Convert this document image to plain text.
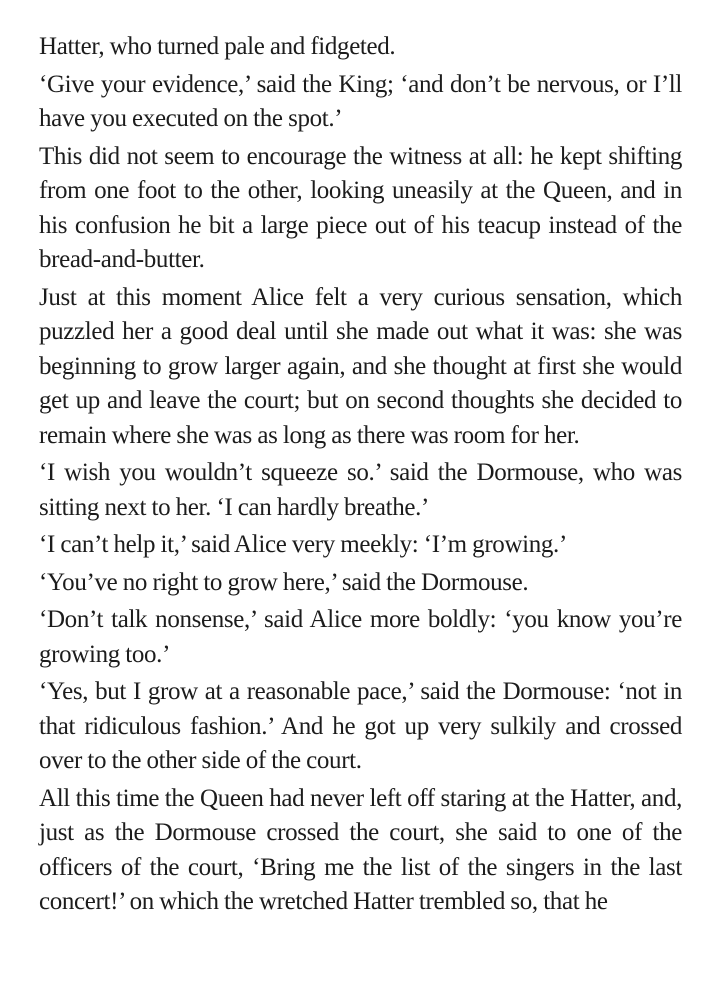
Hatter, who turned pale and fidgeted.

‘Give your evidence,’ said the King; ‘and don’t be nervous, or I’ll have you executed on the spot.’

This did not seem to encourage the witness at all: he kept shifting from one foot to the other, looking uneasily at the Queen, and in his confusion he bit a large piece out of his teacup instead of the bread-and-butter.

Just at this moment Alice felt a very curious sensation, which puzzled her a good deal until she made out what it was: she was beginning to grow larger again, and she thought at first she would get up and leave the court; but on second thoughts she decided to remain where she was as long as there was room for her.

‘I wish you wouldn’t squeeze so.’ said the Dormouse, who was sitting next to her. ‘I can hardly breathe.’

‘I can’t help it,’ said Alice very meekly: ‘I’m growing.’

‘You’ve no right to grow here,’ said the Dormouse.

‘Don’t talk nonsense,’ said Alice more boldly: ‘you know you’re growing too.’

‘Yes, but I grow at a reasonable pace,’ said the Dormouse: ‘not in that ridiculous fashion.’ And he got up very sulkily and crossed over to the other side of the court.

All this time the Queen had never left off staring at the Hatter, and, just as the Dormouse crossed the court, she said to one of the officers of the court, ‘Bring me the list of the singers in the last concert!’ on which the wretched Hatter trembled so, that he
